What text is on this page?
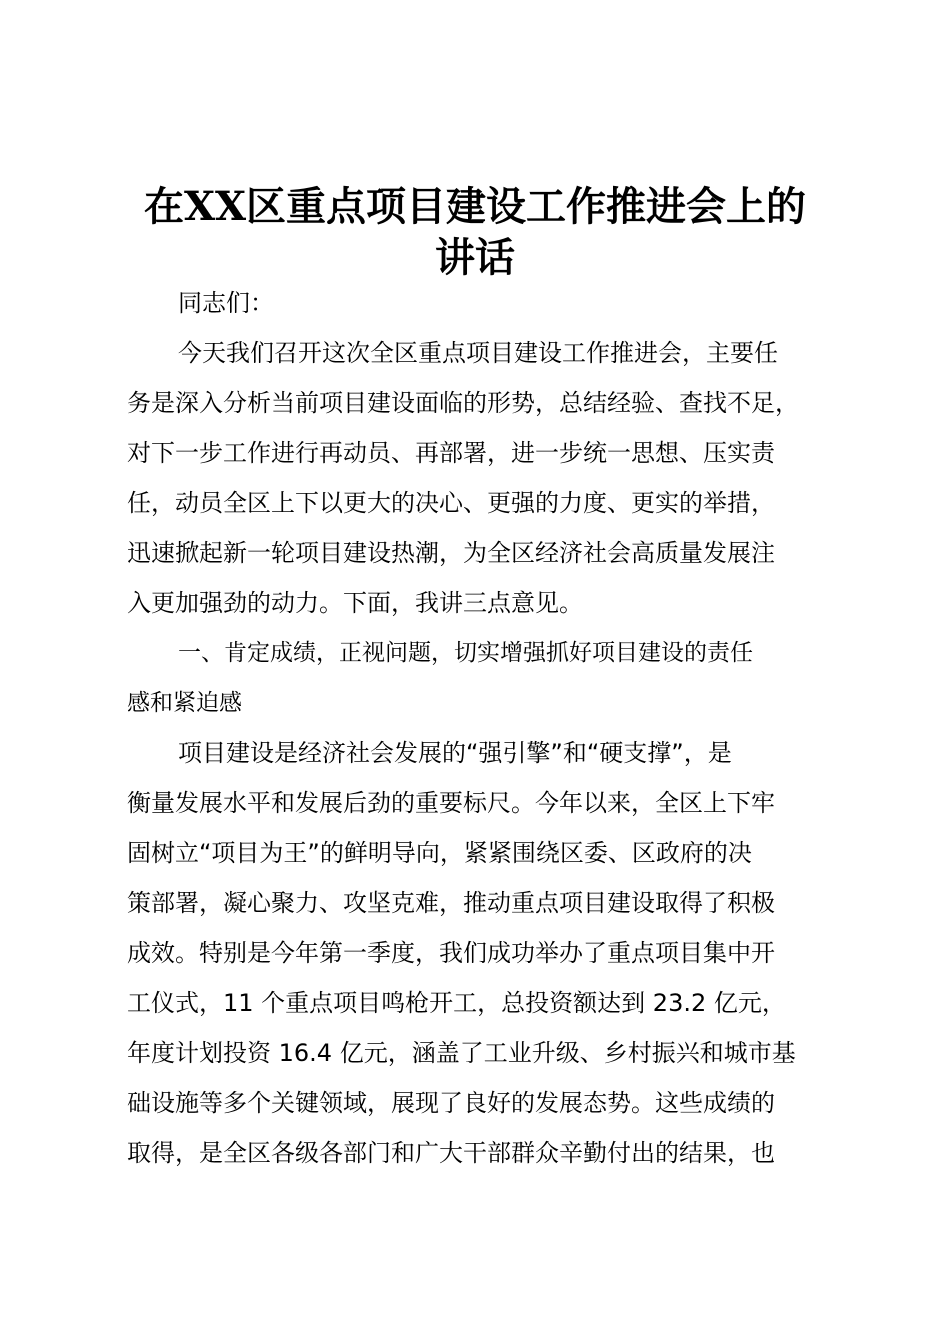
在XX区重点项目建设工作推进会上的
讲话

同志们：

今天我们召开这次全区重点项目建设工作推进会，主要任

务是深入分析当前项目建设面临的形势，总结经验、查找不足，

对下一步工作进行再动员、再部署，进一步统一思想、压实责

任，动员全区上下以更大的决心、更强的力度、更实的举措，

迅速掀起新一轮项目建设热潮，为全区经济社会高质量发展注

入更加强劲的动力。下面，我讲三点意见。

一、肯定成绩，正视问题，切实增强抓好项目建设的责任

感和紧迫感

项目建设是经济社会发展的“强引擎”和“硬支撑”，是

衡量发展水平和发展后劲的重要标尺。今年以来，全区上下牢

固树立“项目为王”的鲜明导向，紧紧围绕区委、区政府的决

策部署，凝心聚力、攻坚克难，推动重点项目建设取得了积极

成效。特别是今年第一季度，我们成功举办了重点项目集中开

工仪式，11 个重点项目鸣枪开工，总投资额达到 23.2 亿元，

年度计划投资 16.4 亿元，涵盖了工业升级、乡村振兴和城市基

础设施等多个关键领域，展现了良好的发展态势。这些成绩的

取得，是全区各级各部门和广大干部群众辛勤付出的结果，也
